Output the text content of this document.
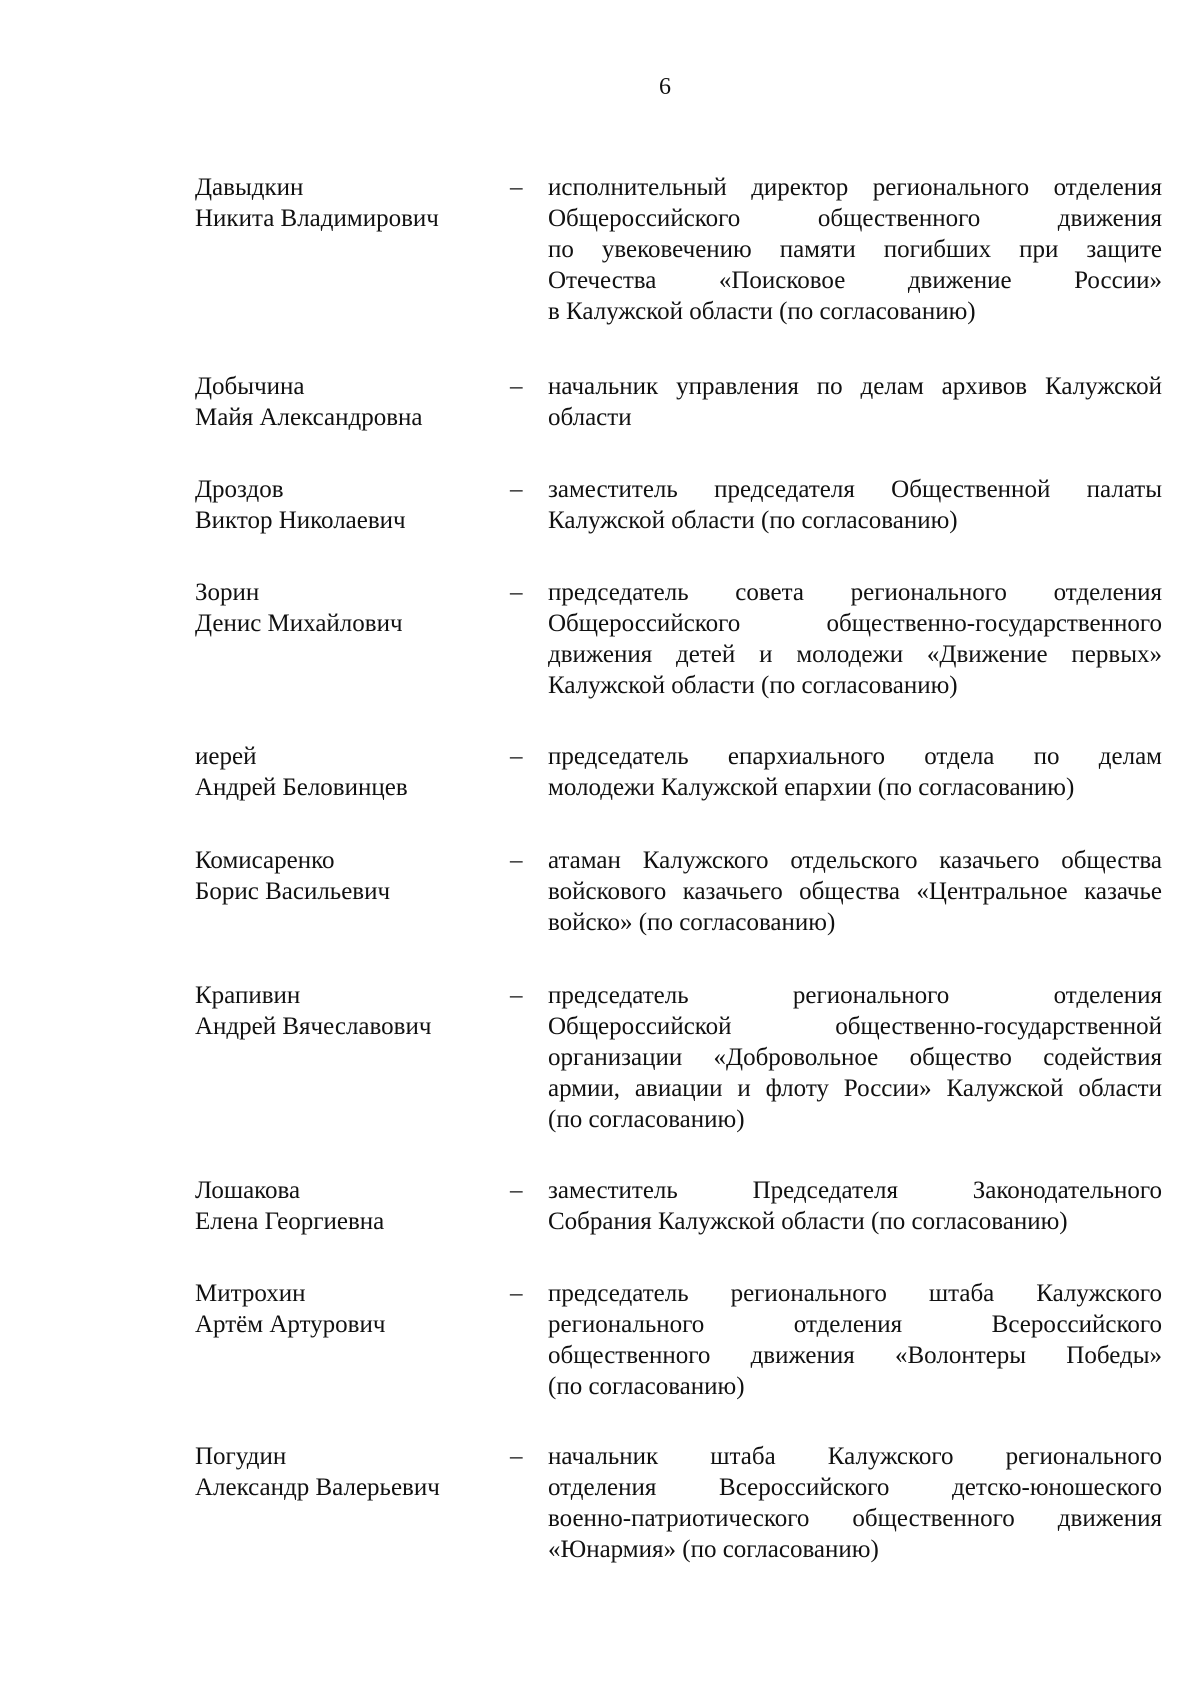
6
Давыдкин
Никита Владимирович
– исполнительный директор регионального отделения
Общероссийского общественного движения
по увековечению памяти погибших при защите
Отечества «Поисковое движение России»
в Калужской области (по согласованию)
Добычина
Майя Александровна
– начальник управления по делам архивов Калужской
области
Дроздов
Виктор Николаевич
– заместитель председателя Общественной палаты
Калужской области (по согласованию)
Зорин
Денис Михайлович
– председатель совета регионального отделения
Общероссийского общественно-государственного
движения детей и молодежи «Движение первых»
Калужской области (по согласованию)
иерей
Андрей Беловинцев
– председатель епархиального отдела по делам
молодежи Калужской епархии (по согласованию)
Комисаренко
Борис Васильевич
– атаман Калужского отдельского казачьего общества
войскового казачьего общества «Центральное казачье
войско» (по согласованию)
Крапивин
Андрей Вячеславович
– председатель регионального отделения
Общероссийской общественно-государственной
организации «Добровольное общество содействия
армии, авиации и флоту России» Калужской области
(по согласованию)
Лошакова
Елена Георгиевна
– заместитель Председателя Законодательного
Собрания Калужской области (по согласованию)
Митрохин
Артём Артурович
– председатель регионального штаба Калужского
регионального отделения Всероссийского
общественного движения «Волонтеры Победы»
(по согласованию)
Погудин
Александр Валерьевич
– начальник штаба Калужского регионального
отделения Всероссийского детско-юношеского
военно-патриотического общественного движения
«Юнармия» (по согласованию)
